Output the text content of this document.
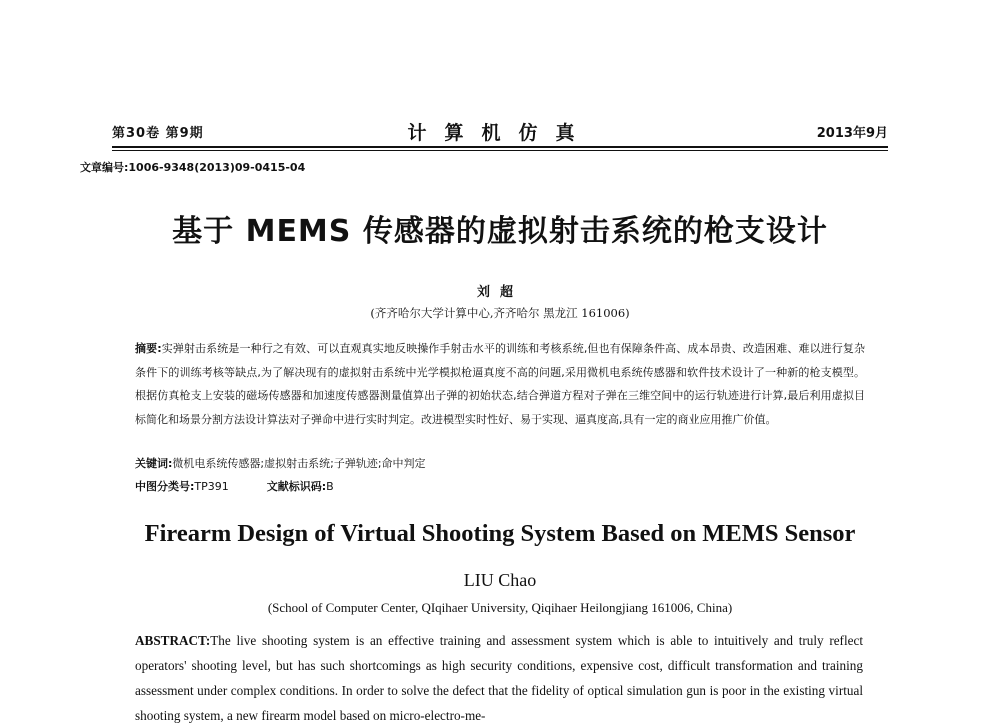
第30卷 第9期	计算机仿真	2013年9月
文章编号:1006-9348(2013)09-0415-04
基于 MEMS 传感器的虚拟射击系统的枪支设计
刘超
(齐齐哈尔大学计算中心,齐齐哈尔 黑龙江 161006)
摘要:实弹射击系统是一种行之有效、可以直观真实地反映操作手射击水平的训练和考核系统,但也有保障条件高、成本昂贵、改造困难、难以进行复杂条件下的训练考核等缺点,为了解决现有的虚拟射击系统中光学模拟枪逼真度不高的问题,采用微机电系统传感器和软件技术设计了一种新的枪支模型。根据仿真枪支上安装的磁场传感器和加速度传感器测量值算出子弹的初始状态,结合弹道方程对子弹在三维空间中的运行轨迹进行计算,最后利用虚拟目标简化和场景分割方法设计算法对子弹命中进行实时判定。改进模型实时性好、易于实现、逼真度高,具有一定的商业应用推广价值。
关键词:微机电系统传感器;虚拟射击系统;子弹轨迹;命中判定
中图分类号:TP391	文献标识码:B
Firearm Design of Virtual Shooting System Based on MEMS Sensor
LIU Chao
(School of Computer Center, QIqihaer University, Qiqihaer Heilongjiang 161006, China)
ABSTRACT:The live shooting system is an effective training and assessment system which is able to intuitively and truly reflect operators' shooting level, but has such shortcomings as high security conditions, expensive cost, difficult transformation and training assessment under complex conditions. In order to solve the defect that the fidelity of optical simulation gun is poor in the existing virtual shooting system, a new firearm model based on micro-electro-me-
